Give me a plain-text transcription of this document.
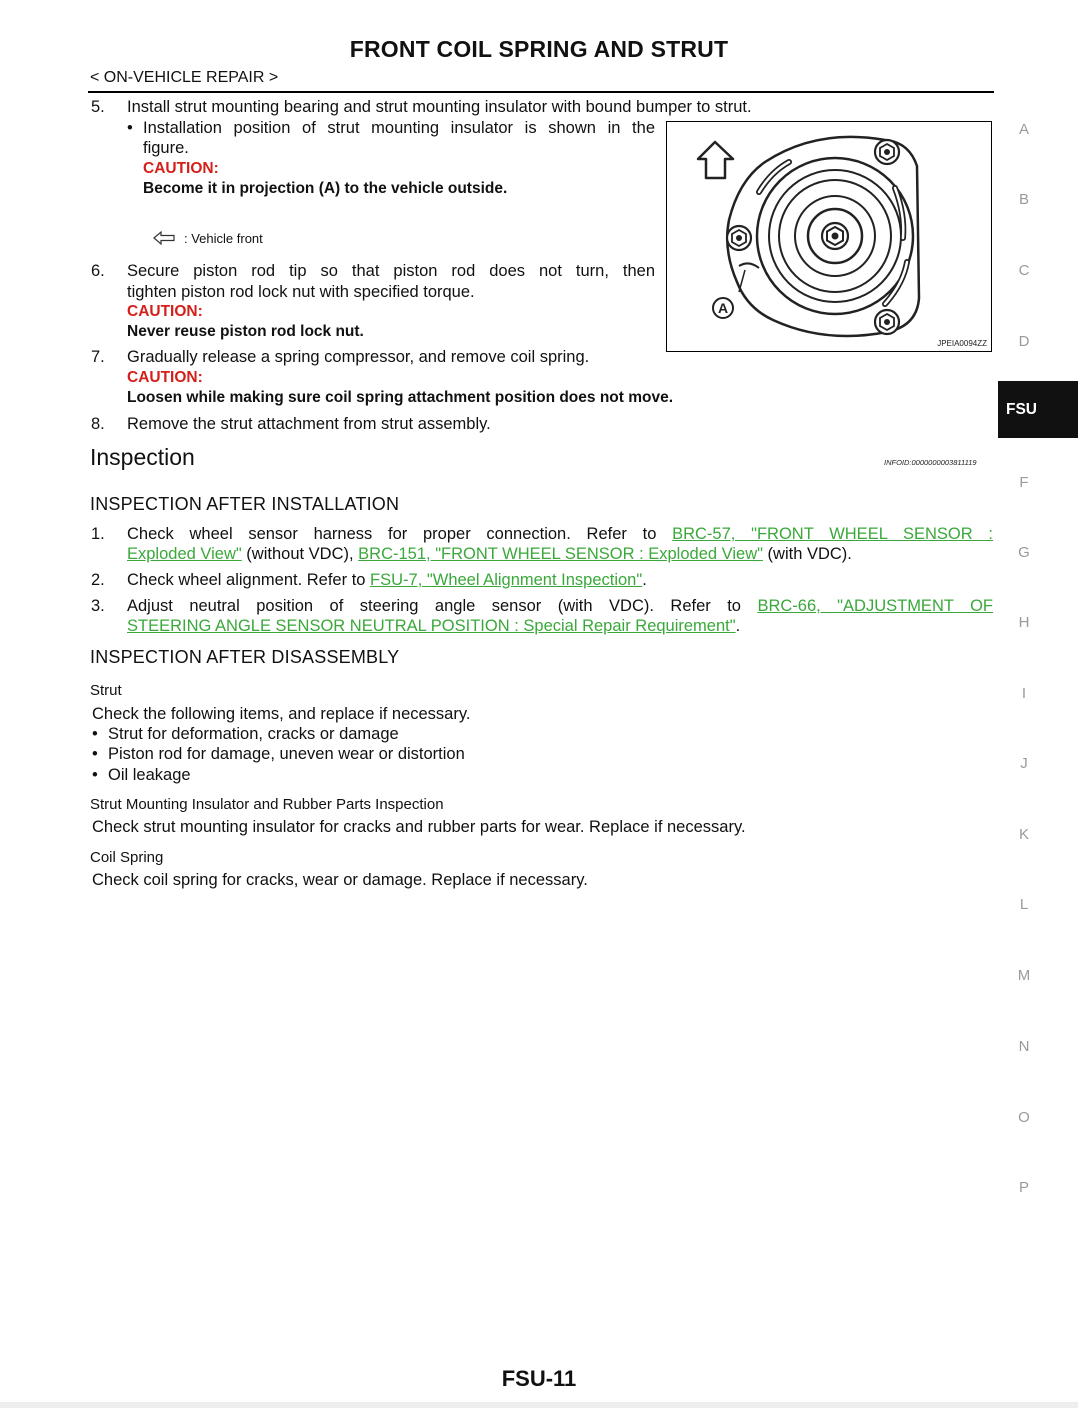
FRONT COIL SPRING AND STRUT
< ON-VEHICLE REPAIR >
5. Install strut mounting bearing and strut mounting insulator with bound bumper to strut.
• Installation position of strut mounting insulator is shown in the
figure.
CAUTION:
Become it in projection (A) to the vehicle outside.
: Vehicle front
A
JPEIA0094ZZ
6. Secure piston rod tip so that piston rod does not turn, then
tighten piston rod lock nut with specified torque.
CAUTION:
Never reuse piston rod lock nut.
7. Gradually release a spring compressor, and remove coil spring.
CAUTION:
Loosen while making sure coil spring attachment position does not move.
8. Remove the strut attachment from strut assembly.
Inspection	INFOID:0000000003811119
INSPECTION AFTER INSTALLATION
1. Check wheel sensor harness for proper connection. Refer to BRC-57, "FRONT WHEEL SENSOR :
Exploded View" (without VDC), BRC-151, "FRONT WHEEL SENSOR : Exploded View" (with VDC).
2. Check wheel alignment. Refer to FSU-7, "Wheel Alignment Inspection".
3. Adjust neutral position of steering angle sensor (with VDC). Refer to BRC-66, "ADJUSTMENT OF
STEERING ANGLE SENSOR NEUTRAL POSITION : Special Repair Requirement".
INSPECTION AFTER DISASSEMBLY
Strut
Check the following items, and replace if necessary.
• Strut for deformation, cracks or damage
• Piston rod for damage, uneven wear or distortion
• Oil leakage
Strut Mounting Insulator and Rubber Parts Inspection
Check strut mounting insulator for cracks and rubber parts for wear. Replace if necessary.
Coil Spring
Check coil spring for cracks, wear or damage. Replace if necessary.
A
B
C
D
FSU
F
G
H
I
J
K
L
M
N
O
P
FSU-11
